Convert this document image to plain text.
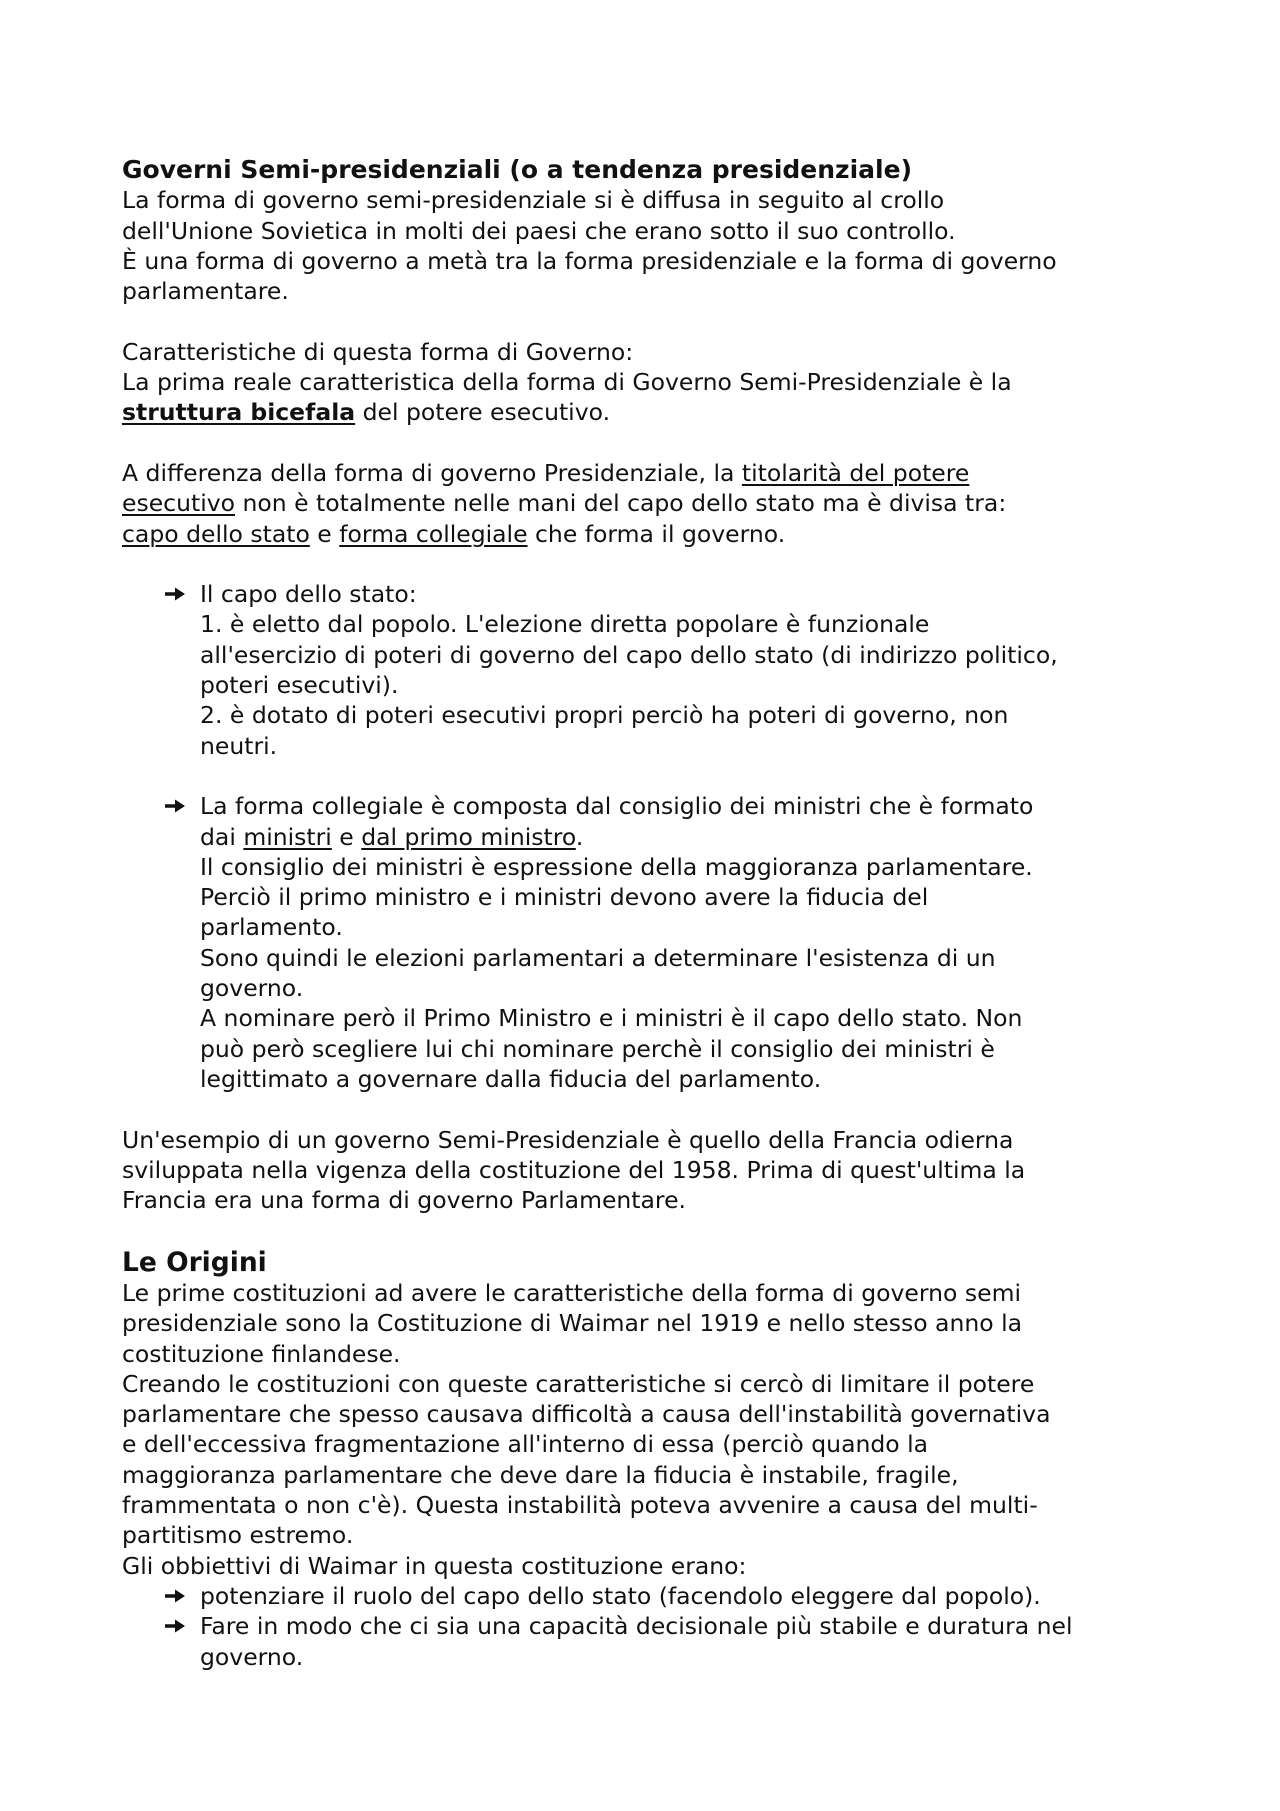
Governi Semi-presidenziali (o a tendenza presidenziale)
La forma di governo semi-presidenziale si è diffusa in seguito al crollo
dell'Unione Sovietica in molti dei paesi che erano sotto il suo controllo.
È una forma di governo a metà tra la forma presidenziale e la forma di governo
parlamentare.
Caratteristiche di questa forma di Governo:
La prima reale caratteristica della forma di Governo Semi-Presidenziale è la
struttura bicefala del potere esecutivo.
A differenza della forma di governo Presidenziale, la titolarità del potere
esecutivo non è totalmente nelle mani del capo dello stato ma è divisa tra:
capo dello stato e forma collegiale che forma il governo.
Il capo dello stato:
1. è eletto dal popolo. L'elezione diretta popolare è funzionale
all'esercizio di poteri di governo del capo dello stato (di indirizzo politico,
poteri esecutivi).
2. è dotato di poteri esecutivi propri perciò ha poteri di governo, non
neutri.
La forma collegiale è composta dal consiglio dei ministri che è formato
dai ministri e dal primo ministro.
Il consiglio dei ministri è espressione della maggioranza parlamentare.
Perciò il primo ministro e i ministri devono avere la fiducia del
parlamento.
Sono quindi le elezioni parlamentari a determinare l'esistenza di un
governo.
A nominare però il Primo Ministro e i ministri è il capo dello stato. Non
può però scegliere lui chi nominare perchè il consiglio dei ministri è
legittimato a governare dalla fiducia del parlamento.
Un'esempio di un governo Semi-Presidenziale è quello della Francia odierna
sviluppata nella vigenza della costituzione del 1958. Prima di quest'ultima la
Francia era una forma di governo Parlamentare.
Le Origini
Le prime costituzioni ad avere le caratteristiche della forma di governo semi
presidenziale sono la Costituzione di Waimar nel 1919 e nello stesso anno la
costituzione finlandese.
Creando le costituzioni con queste caratteristiche si cercò di limitare il potere
parlamentare che spesso causava difficoltà a causa dell'instabilità governativa
e dell'eccessiva fragmentazione all'interno di essa (perciò quando la
maggioranza parlamentare che deve dare la fiducia è instabile, fragile,
frammentata o non c'è). Questa instabilità poteva avvenire a causa del multi-
partitismo estremo.
Gli obbiettivi di Waimar in questa costituzione erano:
potenziare il ruolo del capo dello stato (facendolo eleggere dal popolo).
Fare in modo che ci sia una capacità decisionale più stabile e duratura nel
governo.
